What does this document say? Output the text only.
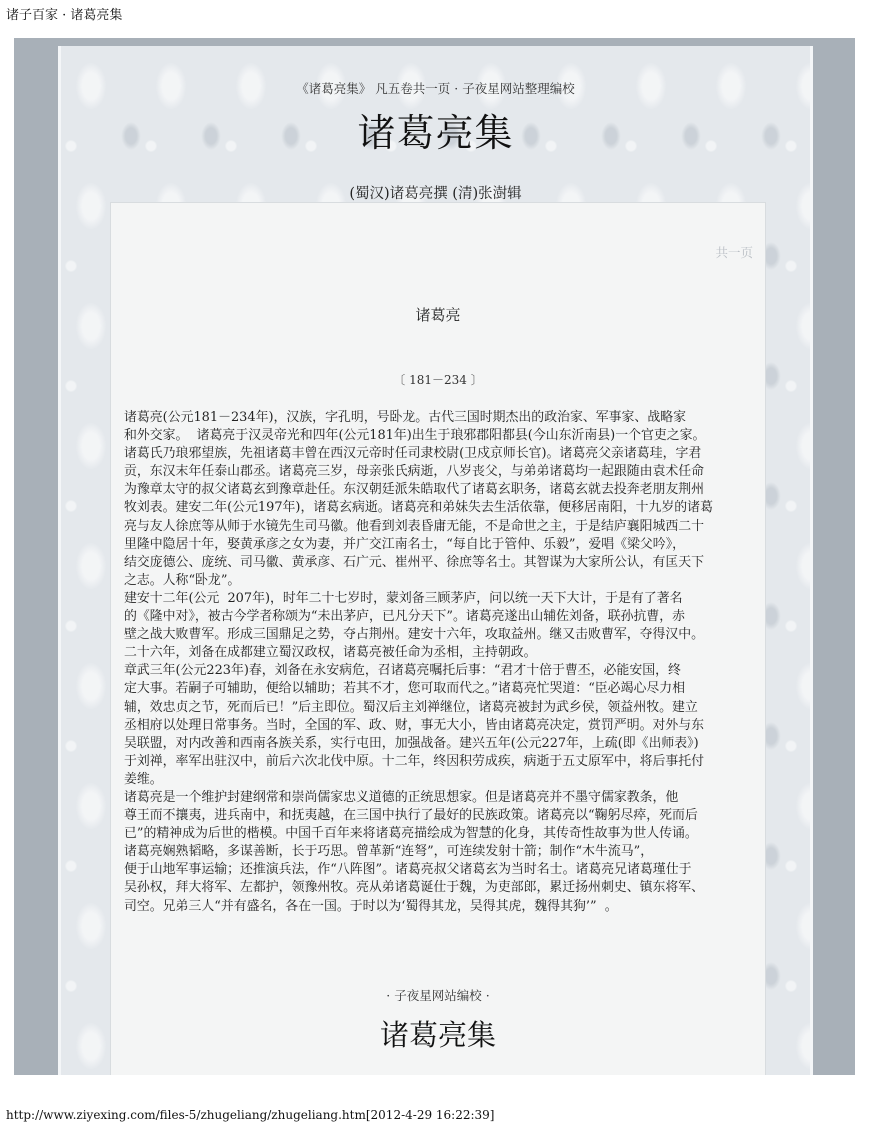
诸子百家 · 诸葛亮集
《诸葛亮集》 凡五卷共一页 · 子夜星网站整理编校
诸葛亮集
(蜀汉)诸葛亮撰 (清)张澍辑
共一页
诸葛亮
〔 181－234 〕
诸葛亮(公元181－234年)，汉族，字孔明，号卧龙。古代三国时期杰出的政治家、军事家、战略家
和外交家。  诸葛亮于汉灵帝光和四年(公元181年)出生于琅邪郡阳都县(今山东沂南县)一个官吏之家。
诸葛氏乃琅邪望族，先祖诸葛丰曾在西汉元帝时任司隶校尉(卫戍京师长官)。诸葛亮父亲诸葛珪，字君
贡，东汉末年任泰山郡丞。诸葛亮三岁，母亲张氏病逝，八岁丧父，与弟弟诸葛均一起跟随由袁术任命
为豫章太守的叔父诸葛玄到豫章赴任。东汉朝廷派朱皓取代了诸葛玄职务，诸葛玄就去投奔老朋友荆州
牧刘表。建安二年(公元197年)，诸葛玄病逝。诸葛亮和弟妹失去生活依靠，便移居南阳，十九岁的诸葛
亮与友人徐庶等从师于水镜先生司马徽。他看到刘表昏庸无能，不是命世之主，于是结庐襄阳城西二十
里隆中隐居十年，娶黄承彦之女为妻，并广交江南名士，“每自比于管仲、乐毅”，爱唱《梁父吟》，
结交庞德公、庞统、司马徽、黄承彦、石广元、崔州平、徐庶等名士。其智谋为大家所公认，有匡天下
之志。人称“卧龙”。
建安十二年(公元  207年)，时年二十七岁时，蒙刘备三顾茅庐，问以统一天下大计，于是有了著名
的《隆中对》，被古今学者称颂为“未出茅庐，已凡分天下”。诸葛亮遂出山辅佐刘备，联孙抗曹，赤
壁之战大败曹军。形成三国鼎足之势，夺占荆州。建安十六年，攻取益州。继又击败曹军，夺得汉中。
二十六年，刘备在成都建立蜀汉政权，诸葛亮被任命为丞相，主持朝政。
章武三年(公元223年)春，刘备在永安病危，召诸葛亮嘱托后事：“君才十倍于曹丕，必能安国，终
定大事。若嗣子可辅助，便给以辅助；若其不才，您可取而代之。”诸葛亮忙哭道：“臣必竭心尽力相
辅，效忠贞之节，死而后已！”后主即位。蜀汉后主刘禅继位，诸葛亮被封为武乡侯，领益州牧。建立
丞相府以处理日常事务。当时，全国的军、政、财，事无大小，皆由诸葛亮决定，赏罚严明。对外与东
吴联盟，对内改善和西南各族关系，实行屯田，加强战备。建兴五年(公元227年，上疏(即《出师表》)
于刘禅，率军出驻汉中，前后六次北伐中原。十二年，终因积劳成疾，病逝于五丈原军中，将后事托付
姜维。
诸葛亮是一个维护封建纲常和崇尚儒家忠义道德的正统思想家。但是诸葛亮并不墨守儒家教条，他
尊王而不攘夷，进兵南中，和抚夷越，在三国中执行了最好的民族政策。诸葛亮以“鞠躬尽瘁，死而后
已”的精神成为后世的楷模。中国千百年来将诸葛亮描绘成为智慧的化身，其传奇性故事为世人传诵。
诸葛亮娴熟韬略，多谋善断，长于巧思。曾革新“连弩”，可连续发射十箭；制作“木牛流马”，
便于山地军事运输；还推演兵法，作“八阵图”。诸葛亮叔父诸葛玄为当时名士。诸葛亮兄诸葛瑾仕于
吴孙权，拜大将军、左都护，领豫州牧。亮从弟诸葛诞仕于魏，为吏部郎，累迁扬州刺史、镇东将军、
司空。兄弟三人“并有盛名，各在一国。于时以为‘蜀得其龙，吴得其虎，魏得其狗’”  。
· 子夜星网站编校 ·
诸葛亮集
http://www.ziyexing.com/files-5/zhugeliang/zhugeliang.htm[2012-4-29 16:22:39]
